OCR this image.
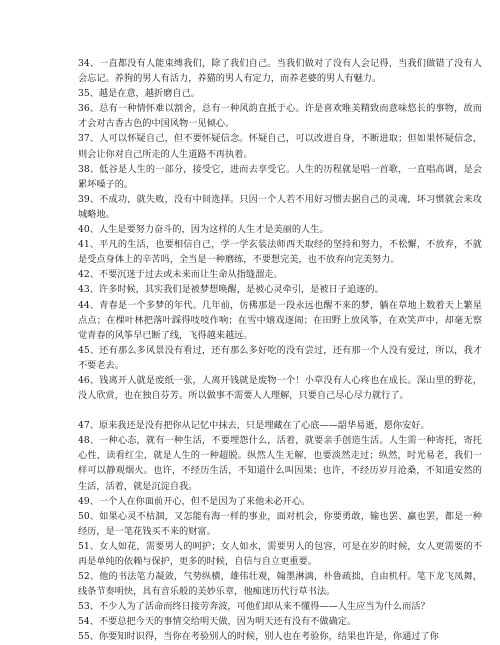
34、一直都没有人能束缚我们，除了我们自己。当我们做对了没有人会记得，当我们做错了没有人会忘记。养狗的男人有活力，养猫的男人有定力，而养老婆的男人有魅力。

35、越是在意，越折磨自己。

36、总有一种情怀难以割舍，总有一种风韵直抵于心。许是喜欢唯美精致而意味悠长的事物，故而才会对古香古色的中国风物一见倾心。

37、人可以怀疑自己，但不要怀疑信念。怀疑自己，可以改进自身，不断进取；但如果怀疑信念，则会让你对自己所走的人生道路不再执着。

38、低谷是人生的一部分，接受它，进而去享受它。人生的历程就是唱一首歌，一直唱高调，是会累坏嗓子的。

39、不成功，就失败，没有中间选择。只因一个人若不用好习惯去据自己的灵魂，坏习惯就会来攻城略地。

40、人生是要努力奋斗的，因为这样的人生才是美丽的人生。

41、平凡的生活，也要相信自己，学一学玄装法师西天取经的坚持和努力，不松懈，不放弃，不就是受点身体上的辛苦吗，全当是一种磨练，不要想完美，也不放弃向完美努力。

42、不要沉迷于过去或未来而让生命从指缝溜走。

43、许多时候，其实我们是被梦想唤醒，是被心灵牵引，是被日子追逐的。

44、青春是一个多梦的年代。几年前，仿佛那是一段永远也醒不来的梦，躺在草地上数着天上繁星点点；在棵叶林把落叶踩得吱吱作响；在雪中嬉戏逐闹；在田野上放风筝，在欢笑声中，却毫无察觉青春的风筝早已断了线，飞得越来越远。

45、还有那么多风景没有看过，还有那么多好吃的没有尝过，还有那一个人没有爱过，所以，我才不要老去。

46、钱离开人就是废纸一张，人离开钱就是废物一个！小草没有人心疼也在成长。深山里的野花，没人欣赏，也在独自芬芳。所以做事不需要人人理解，只要自己尽心尽力就行了。

47、原来我还是没有把你从记忆中抹去，只是埋藏在了心底——韶华易逝，愿你安好。

48、一种心态，就有一种生活，不要埋怨什么，活着，就要亲手创造生活。人生需一种寄托，寄托心性，读看红尘，就是人生的一种超脱。纵然人生无解，也要淡然走过；纵然，时光易老，我们一样可以静观烟火。也许，不经历生活，不知道什么叫因果；也许，不经历岁月沧桑，不知道安然的生活，活着，就是沉淀自我。

49、一个人在你面前开心，但不是因为了来他未必开心。

50、如果心灵不枯涸，又怎能有海一样的事业，面对机会，你要勇敢，输也罢、赢也罢，都是一种经历，是一笔花钱买不来的财富。

51、女人如花，需要男人的呵护；女人如水，需要男人的包容，可是在岁的时候，女人更需要的不再是单纯的依赖与保护，更多的时候，自信与自立更重要。

52、他的书法笔力凝敛，气势纵横，雄伟壮观，翰墨淋漓，朴鲁疏拙，自由机杆。笔下龙飞凤舞，线条节奏明快，具有音乐般的美妙乐章，他痴迷历代行草书法。

53、不少人为了活命而终日接劳奔波，可他们却从来不懂得——人生应当为什么而活？

54、不要总把今天的事情交给明天做，因为明天还有没有不做确定。

55、你要知时识得，当你在考验别人的时候，别人也在考验你，结果也许是，你通过了你
